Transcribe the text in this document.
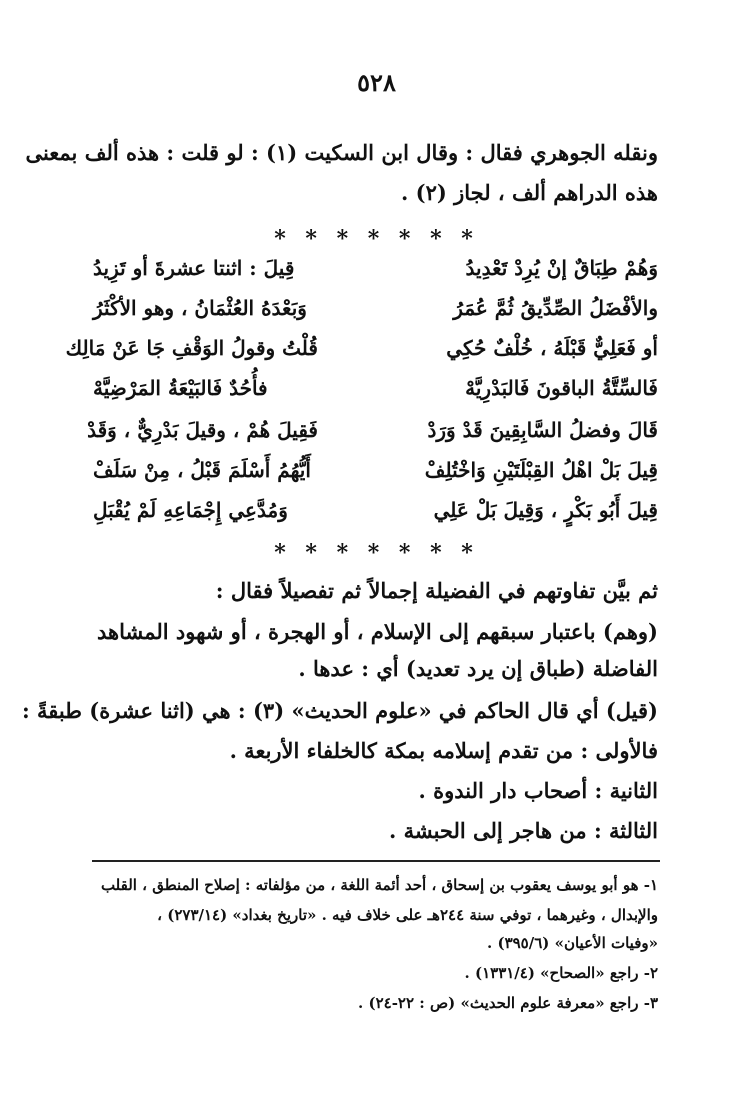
٥٢٨
ونقله الجوهري فقال : وقال ابن السكيت (١) : لو قلت : هذه ألف بمعنى
هذه الدراهم ألف ، لجاز (٢) .
* * * * * * *
وَهُمْ طِبَاقٌ إنْ يُرِدْ تَعْدِيدُ
قِيلَ : اثنتا عشرةَ أو تَزِيدُ
والأفْضَلُ الصِّدِّيقُ ثُمَّ عُمَرُ
وَبَعْدَهُ العُثْمَانُ ، وهو الأكْثَرُ
أو فَعَلِيٌّ قَبْلَهُ ، خُلْفٌ حُكِي
قُلْتُ وقولُ الوَقْفِ جَا عَنْ مَالِك
فَالسِّتَّةُ الباقونَ فَالبَدْرِيَّهْ
فأُحُدٌ فَالبَيْعَةُ المَرْضِيَّهْ
قَالَ وفضلُ السَّابِقِينَ قَدْ وَرَدْ
فَقِيلَ هُمْ ، وقيلَ بَدْرِيٌّ ، وَقَدْ
قِيلَ بَلْ اهْلُ القِبْلَتَيْنِ وَاخْتُلِفْ
أَيُّهُمُ أَسْلَمَ قَبْلُ ، مِنْ سَلَفْ
قِيلَ أَبُو بَكْرٍ ، وَقِيلَ بَلْ عَلِي
وَمُدَّعِي إِجْمَاعِهِ لَمْ يُقْبَلِ
* * * * * * *
ثم بيَّن تفاوتهم في الفضيلة إجمالاً ثم تفصيلاً فقال :
(وهم) باعتبار سبقهم إلى الإسلام ، أو الهجرة ، أو شهود المشاهد
الفاضلة (طباق إن يرد تعديد) أي : عدها .
(قيل) أي قال الحاكم في «علوم الحديث» (٣) : هي (اثنا عشرة) طبقةً :
فالأولى : من تقدم إسلامه بمكة كالخلفاء الأربعة .
الثانية : أصحاب دار الندوة .
الثالثة : من هاجر إلى الحبشة .
١- هو أبو يوسف يعقوب بن إسحاق ، أحد أئمة اللغة ، من مؤلفاته : إصلاح المنطق ، القلب
والإبدال ، وغيرهما ، توفي سنة ٢٤٤هـ على خلاف فيه . «تاريخ بغداد» (٢٧٣/١٤) ،
«وفيات الأعيان» (٣٩٥/٦) .
٢- راجع «الصحاح» (١٣٣١/٤) .
٣- راجع «معرفة علوم الحديث» (ص : ٢٢-٢٤) .
